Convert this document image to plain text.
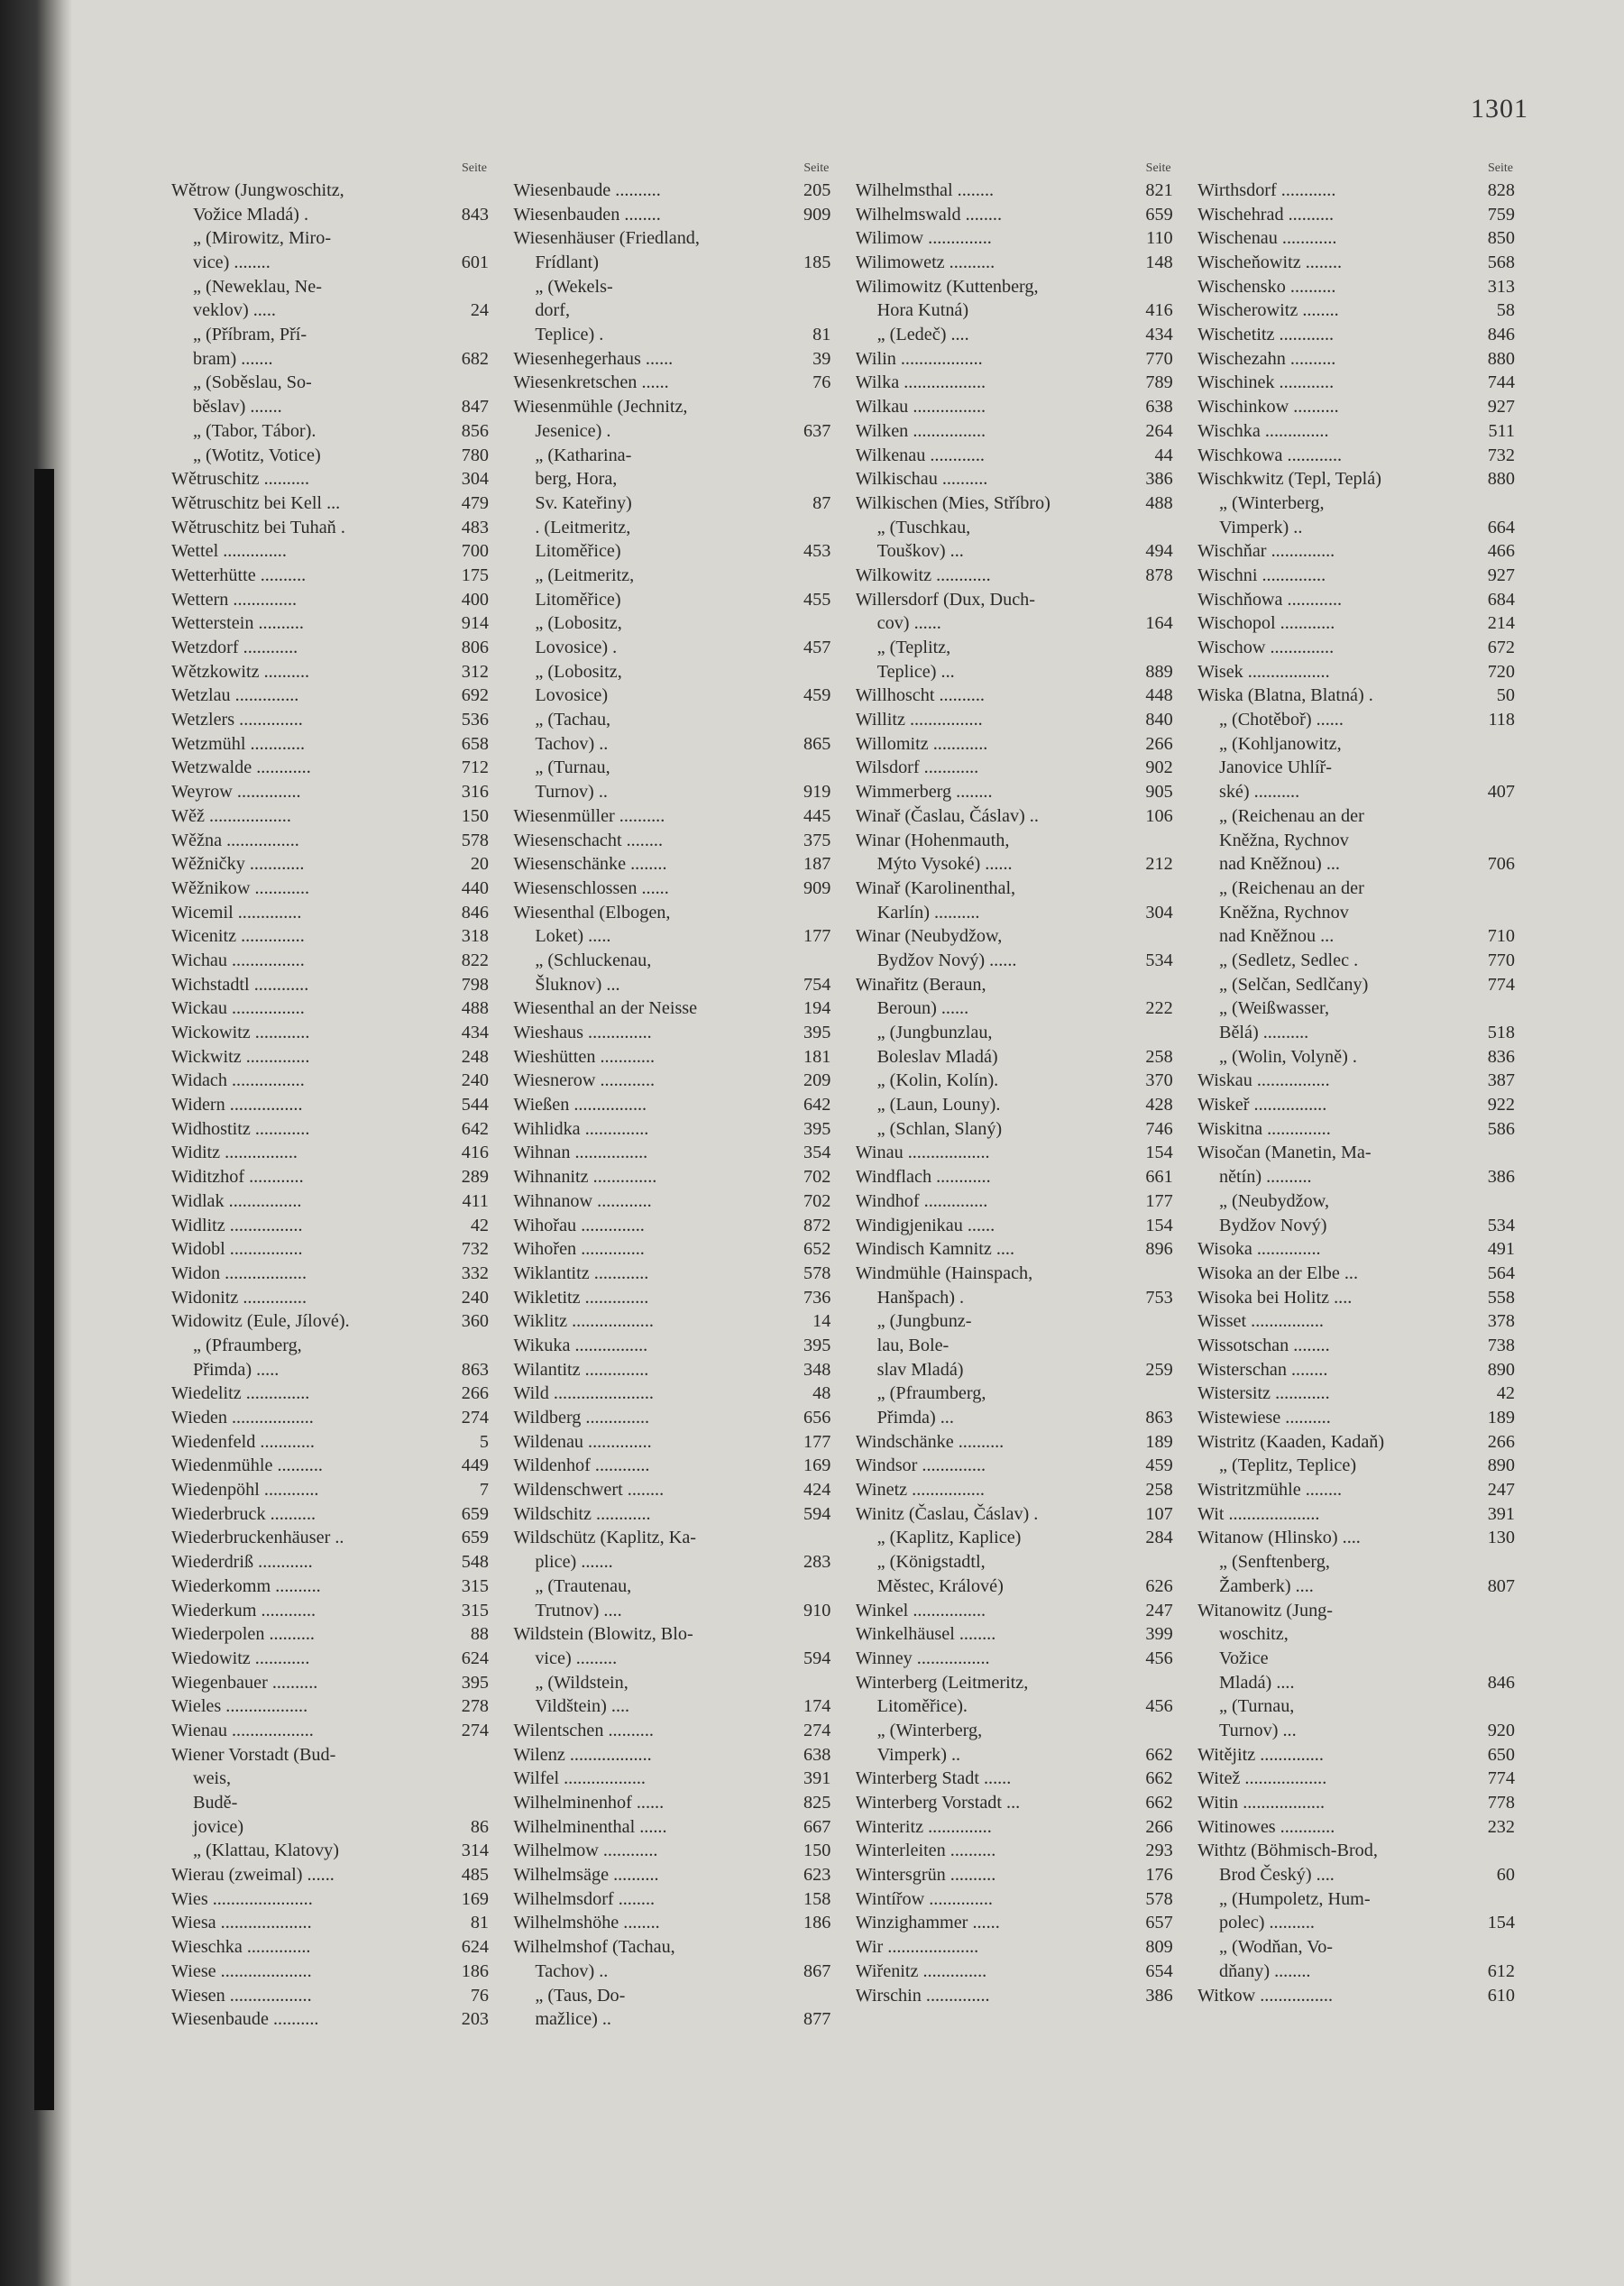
1301
Seite
Wětrow (Jungwoschitz,
Vožice Mladá) .	843
„ (Mirowitz, Miro-
vice) ........	601
„ (Neweklau, Ne-
veklov) .....	24
„ (Příbram, Pří-
bram) .......	682
„ (Soběslau, So-
běslav) .......	847
„ (Tabor, Tábor).	856
„ (Wotitz, Votice)	780
Wětruschitz ..........	304
Wětruschitz bei Kell ...	479
Wětruschitz bei Tuhaň .	483
Wettel ..............	700
Wetterhütte ..........	175
Wettern ..............	400
Wetterstein ..........	914
Wetzdorf ............	806
Wětzkowitz ..........	312
Wetzlau ..............	692
Wetzlers ..............	536
Wetzmühl ............	658
Wetzwalde ............	712
Weyrow ..............	316
Wěž ..................	150
Wěžna ................	578
Wěžničky ............	20
Wěžnikow ............	440
Wicemil ..............	846
Wicenitz ..............	318
Wichau ................	822
Wichstadtl ............	798
Wickau ................	488
Wickowitz ............	434
Wickwitz ..............	248
Widach ................	240
Widern ................	544
Widhostitz ............	642
Widitz ................	416
Widitzhof ............	289
Widlak ................	411
Widlitz ................	42
Widobl ................	732
Widon ..................	332
Widonitz ..............	240
Widowitz (Eule, Jílové).	360
„ (Pfraumberg,
Přimda) .....	863
Wiedelitz ..............	266
Wieden ..................	274
Wiedenfeld ............	5
Wiedenmühle ..........	449
Wiedenpöhl ............	7
Wiederbruck ..........	659
Wiederbruckenhäuser ..	659
Wiederdriß ............	548
Wiederkomm ..........	315
Wiederkum ............	315
Wiederpolen ..........	88
Wiedowitz ............	624
Wiegenbauer ..........	395
Wieles ..................	278
Wienau ..................	274
Wiener Vorstadt (Bud-
weis,
Budě-
jovice)	86
„ (Klattau, Klatovy)	314
Wierau (zweimal) ......	485
Wies ......................	169
Wiesa ....................	81
Wieschka ..............	624
Wiese ....................	186
Wiesen ..................	76
Wiesenbaude ..........	203
Seite
Wiesenbaude ..........	205
Wiesenbauden ........	909
Wiesenhäuser (Friedland,
Frídlant)	185
„ (Wekels-
dorf,
Teplice) .	81
Wiesenhegerhaus ......	39
Wiesenkretschen ......	76
Wiesenmühle (Jechnitz,
Jesenice) .	637
„ (Katharina-
berg, Hora,
Sv. Kateřiny)	87
. (Leitmeritz,
Litoměřice)	453
„ (Leitmeritz,
Litoměřice)	455
„ (Lobositz,
Lovosice) .	457
„ (Lobositz,
Lovosice)	459
„ (Tachau,
Tachov) ..	865
„ (Turnau,
Turnov) ..	919
Wiesenmüller ..........	445
Wiesenschacht ........	375
Wiesenschänke ........	187
Wiesenschlossen ......	909
Wiesenthal (Elbogen,
Loket) .....	177
„ (Schluckenau,
Šluknov) ...	754
Wiesenthal an der Neisse	194
Wieshaus ..............	395
Wieshütten ............	181
Wiesnerow ............	209
Wießen ................	642
Wihlidka ..............	395
Wihnan ................	354
Wihnanitz ..............	702
Wihnanow ............	702
Wihořau ..............	872
Wihořen ..............	652
Wiklantitz ............	578
Wikletitz ..............	736
Wiklitz ..................	14
Wikuka ................	395
Wilantitz ..............	348
Wild ......................	48
Wildberg ..............	656
Wildenau ..............	177
Wildenhof ............	169
Wildenschwert ........	424
Wildschitz ............	594
Wildschütz (Kaplitz, Ka-
plice) .......	283
„ (Trautenau,
Trutnov) ....	910
Wildstein (Blowitz, Blo-
vice) .........	594
„ (Wildstein,
Vildštein) ....	174
Wilentschen ..........	274
Wilenz ..................	638
Wilfel ..................	391
Wilhelminenhof ......	825
Wilhelminenthal ......	667
Wilhelmow ............	150
Wilhelmsäge ..........	623
Wilhelmsdorf ........	158
Wilhelmshöhe ........	186
Wilhelmshof (Tachau,
Tachov) ..	867
„ (Taus, Do-
mažlice) ..	877
Seite
Wilhelmsthal ........	821
Wilhelmswald ........	659
Wilimow ..............	110
Wilimowetz ..........	148
Wilimowitz (Kuttenberg,
Hora Kutná)	416
„ (Ledeč) ....	434
Wilin ..................	770
Wilka ..................	789
Wilkau ................	638
Wilken ................	264
Wilkenau ............	44
Wilkischau ..........	386
Wilkischen (Mies, Stříbro)	488
„ (Tuschkau,
Touškov) ...	494
Wilkowitz ............	878
Willersdorf (Dux, Duch-
cov) ......	164
„ (Teplitz,
Teplice) ...	889
Willhoscht ..........	448
Willitz ................	840
Willomitz ............	266
Wilsdorf ............	902
Wimmerberg ........	905
Winař (Časlau, Čáslav) ..	106
Winar (Hohenmauth,
Mýto Vysoké) ......	212
Winař (Karolinenthal,
Karlín) ..........	304
Winar (Neubydžow,
Bydžov Nový) ......	534
Winařitz (Beraun,
Beroun) ......	222
„ (Jungbunzlau,
Boleslav Mladá)	258
„ (Kolin, Kolín).	370
„ (Laun, Louny).	428
„ (Schlan, Slaný)	746
Winau ..................	154
Windflach ............	661
Windhof ..............	177
Windigjenikau ......	154
Windisch Kamnitz ....	896
Windmühle (Hainspach,
Hanšpach) .	753
„ (Jungbunz-
lau, Bole-
slav Mladá)	259
„ (Pfraumberg,
Přimda) ...	863
Windschänke ..........	189
Windsor ..............	459
Winetz ................	258
Winitz (Časlau, Čáslav) .	107
„ (Kaplitz, Kaplice)	284
„ (Königstadtl,
Městec, Králové)	626
Winkel ................	247
Winkelhäusel ........	399
Winney ................	456
Winterberg (Leitmeritz,
Litoměřice).	456
„ (Winterberg,
Vimperk) ..	662
Winterberg Stadt ......	662
Winterberg Vorstadt ...	662
Winteritz ..............	266
Winterleiten ..........	293
Wintersgrün ..........	176
Wintířow ..............	578
Winzighammer ......	657
Wir ....................	809
Wiřenitz ..............	654
Wirschin ..............	386
Seite
Wirthsdorf ............	828
Wischehrad ..........	759
Wischenau ............	850
Wischeňowitz ........	568
Wischensko ..........	313
Wischerowitz ........	58
Wischetitz ............	846
Wischezahn ..........	880
Wischinek ............	744
Wischinkow ..........	927
Wischka ..............	511
Wischkowa ............	732
Wischkwitz (Tepl, Teplá)	880
„ (Winterberg,
Vimperk) ..	664
Wischňar ..............	466
Wischni ..............	927
Wischňowa ............	684
Wischopol ............	214
Wischow ..............	672
Wisek ..................	720
Wiska (Blatna, Blatná) .	50
„ (Chotěboř) ......	118
„ (Kohljanowitz,
Janovice Uhlíř-
ské) ..........	407
„ (Reichenau an der
Kněžna, Rychnov
nad Kněžnou) ...	706
„ (Reichenau an der
Kněžna, Rychnov
nad Kněžnou ...	710
„ (Sedletz, Sedlec .	770
„ (Selčan, Sedlčany)	774
„ (Weißwasser,
Bělá) ..........	518
„ (Wolin, Volyně) .	836
Wiskau ................	387
Wiskeř ................	922
Wiskitna ..............	586
Wisočan (Manetin, Ma-
nětín) ..........	386
„ (Neubydžow,
Bydžov Nový)	534
Wisoka ..............	491
Wisoka an der Elbe ...	564
Wisoka bei Holitz ....	558
Wisset ................	378
Wissotschan ........	738
Wisterschan ........	890
Wistersitz ............	42
Wistewiese ..........	189
Wistritz (Kaaden, Kadaň)	266
„ (Teplitz, Teplice)	890
Wistritzmühle ........	247
Wit ....................	391
Witanow (Hlinsko) ....	130
„ (Senftenberg,
Žamberk) ....	807
Witanowitz (Jung-
woschitz,
Vožice
Mladá) ....	846
„ (Turnau,
Turnov) ...	920
Witějitz ..............	650
Witež ..................	774
Witin ..................	778
Witinowes ............	232
Withtz (Böhmisch-Brod,
Brod Český) ....	60
„ (Humpoletz, Hum-
polec) ..........	154
„ (Wodňan, Vo-
dňany) ........	612
Witkow ................	610
